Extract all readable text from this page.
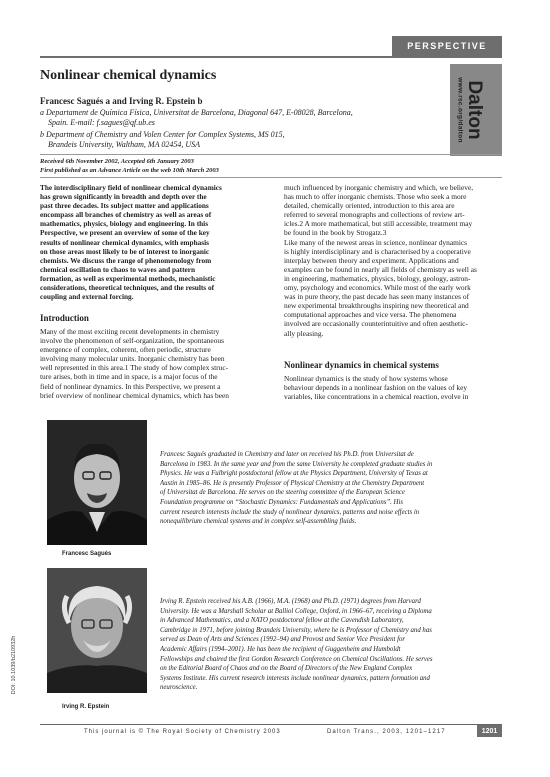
PERSPECTIVE
Dalton
www.rsc.org/dalton
Nonlinear chemical dynamics
Francesc Sagués a and Irving R. Epstein b
a Departament de Química Física, Universitat de Barcelona, Diagonal 647, E-08028, Barcelona,
Spain. E-mail: f.sagues@qf.ub.es
b Department of Chemistry and Volen Center for Complex Systems, MS 015,
Brandeis University, Waltham, MA 02454, USA
Received 6th November 2002, Accepted 6th January 2003
First published as an Advance Article on the web 10th March 2003
The interdisciplinary field of nonlinear chemical dynamics
has grown significantly in breadth and depth over the
past three decades. Its subject matter and applications
encompass all branches of chemistry as well as areas of
mathematics, physics, biology and engineering. In this
Perspective, we present an overview of some of the key
results of nonlinear chemical dynamics, with emphasis
on those areas most likely to be of interest to inorganic
chemists. We discuss the range of phenomenology from
chemical oscillation to chaos to waves and pattern
formation, as well as experimental methods, mechanistic
considerations, theoretical techniques, and the results of
coupling and external forcing.
Introduction
Many of the most exciting recent developments in chemistry
involve the phenomenon of self-organization, the spontaneous
emergence of complex, coherent, often periodic, structure
involving many molecular units. Inorganic chemistry has been
well represented in this area.1 The study of how complex struc-
ture arises, both in time and in space, is a major focus of the
field of nonlinear dynamics. In this Perspective, we present a
brief overview of nonlinear chemical dynamics, which has been
much influenced by inorganic chemistry and which, we believe,
has much to offer inorganic chemists. Those who seek a more
detailed, chemically oriented, introduction to this area are
referred to several monographs and collections of review art-
icles.2 A more mathematical, but still accessible, treatment may
be found in the book by Strogatz.3
Like many of the newest areas in science, nonlinear dynamics
is highly interdisciplinary and is characterised by a cooperative
interplay between theory and experiment. Applications and
examples can be found in nearly all fields of chemistry as well as
in engineering, mathematics, physics, biology, geology, astron-
omy, psychology and economics. While most of the early work
was in pure theory, the past decade has seen many instances of
new experimental breakthroughs inspiring new theoretical and
computational approaches and vice versa. The phenomena
involved are occasionally counterintuitive and often aesthetic-
ally pleasing.
Nonlinear dynamics in chemical systems
Nonlinear dynamics is the study of how systems whose
behaviour depends in a nonlinear fashion on the values of key
variables, like concentrations in a chemical reaction, evolve in
Francesc Sagués
Irving R. Epstein
Francesc Sagués graduated in Chemistry and later on received his Ph.D. from Universitat de
Barcelona in 1983. In the same year and from the same University he completed graduate studies in
Physics. He was a Fulbright postdoctoral fellow at the Physics Department, University of Texas at
Austin in 1985–86. He is presently Professor of Physical Chemistry at the Chemistry Department
of Universitat de Barcelona. He serves on the steering committee of the European Science
Foundation programme on “Stochastic Dynamics: Fundamentals and Applications”. His
current research interests include the study of nonlinear dynamics, patterns and noise effects in
nonequilibrium chemical systems and in complex self-assembling fluids.
Irving R. Epstein received his A.B. (1966), M.A. (1968) and Ph.D. (1971) degrees from Harvard
University. He was a Marshall Scholar at Balliol College, Oxford, in 1966–67, receiving a Diploma
in Advanced Mathematics, and a NATO postdoctoral fellow at the Cavendish Laboratory,
Cambridge in 1971, before joining Brandeis University, where he is Professor of Chemistry and has
served as Dean of Arts and Sciences (1992–94) and Provost and Senior Vice President for
Academic Affairs (1994–2001). He has been the recipient of Guggenheim and Humboldt
Fellowships and chaired the first Gordon Research Conference on Chemical Oscillations. He serves
on the Editorial Board of Chaos and on the Board of Directors of the New England Complex
Systems Institute. His current research interests include nonlinear dynamics, pattern formation and
neuroscience.
DOI: 10.1039/b210932h
This journal is © The Royal Society of Chemistry 2003	Dalton Trans., 2003, 1201–1217	1201
